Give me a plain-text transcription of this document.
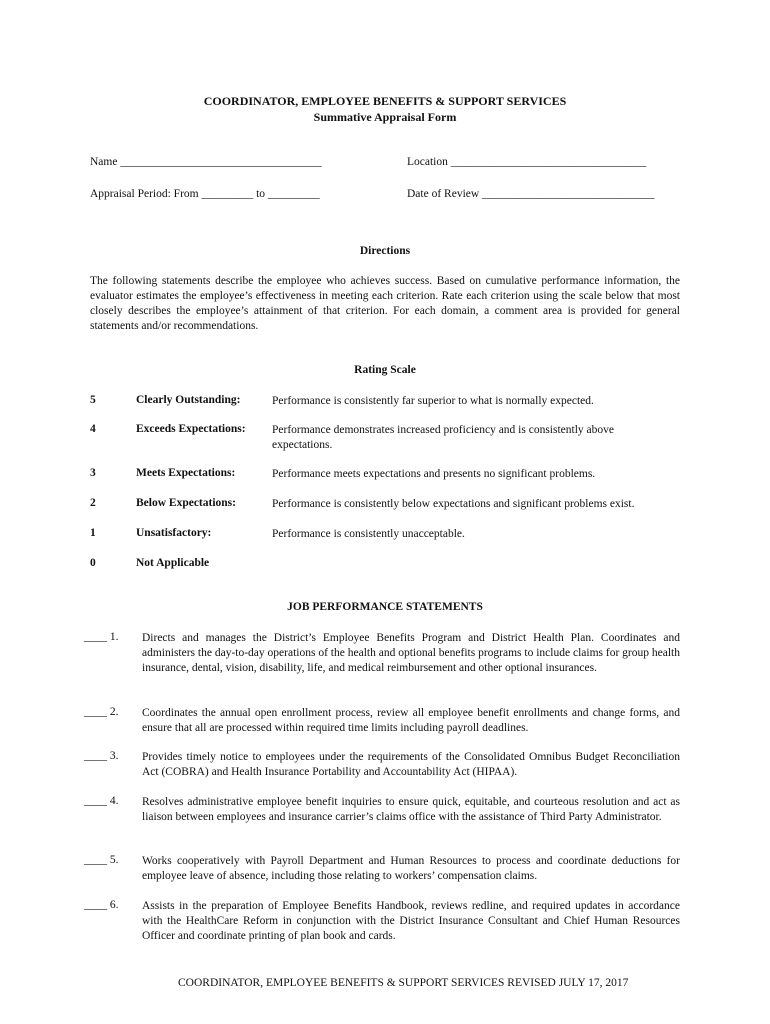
COORDINATOR, EMPLOYEE BENEFITS & SUPPORT SERVICES
Summative Appraisal Form
Name ___________________________________	Location __________________________________
Appraisal Period: From _________ to _________	Date of Review ______________________________
Directions
The following statements describe the employee who achieves success. Based on cumulative performance information, the evaluator estimates the employee’s effectiveness in meeting each criterion. Rate each criterion using the scale below that most closely describes the employee’s attainment of that criterion. For each domain, a comment area is provided for general statements and/or recommendations.
Rating Scale
5	Clearly Outstanding:	Performance is consistently far superior to what is normally expected.
4	Exceeds Expectations: Performance demonstrates increased proficiency and is consistently above expectations.
3	Meets Expectations:	Performance meets expectations and presents no significant problems.
2	Below Expectations:	Performance is consistently below expectations and significant problems exist.
1	Unsatisfactory:	Performance is consistently unacceptable.
0	Not Applicable
JOB PERFORMANCE STATEMENTS
____ 1. Directs and manages the District’s Employee Benefits Program and District Health Plan. Coordinates and administers the day-to-day operations of the health and optional benefits programs to include claims for group health insurance, dental, vision, disability, life, and medical reimbursement and other optional insurances.
____ 2. Coordinates the annual open enrollment process, review all employee benefit enrollments and change forms, and ensure that all are processed within required time limits including payroll deadlines.
____ 3. Provides timely notice to employees under the requirements of the Consolidated Omnibus Budget Reconciliation Act (COBRA) and Health Insurance Portability and Accountability Act (HIPAA).
____ 4. Resolves administrative employee benefit inquiries to ensure quick, equitable, and courteous resolution and act as liaison between employees and insurance carrier’s claims office with the assistance of Third Party Administrator.
____ 5. Works cooperatively with Payroll Department and Human Resources to process and coordinate deductions for employee leave of absence, including those relating to workers’ compensation claims.
____ 6. Assists in the preparation of Employee Benefits Handbook, reviews redline, and required updates in accordance with the HealthCare Reform in conjunction with the District Insurance Consultant and Chief Human Resources Officer and coordinate printing of plan book and cards.
COORDINATOR, EMPLOYEE BENEFITS & SUPPORT SERVICES REVISED JULY 17, 2017
